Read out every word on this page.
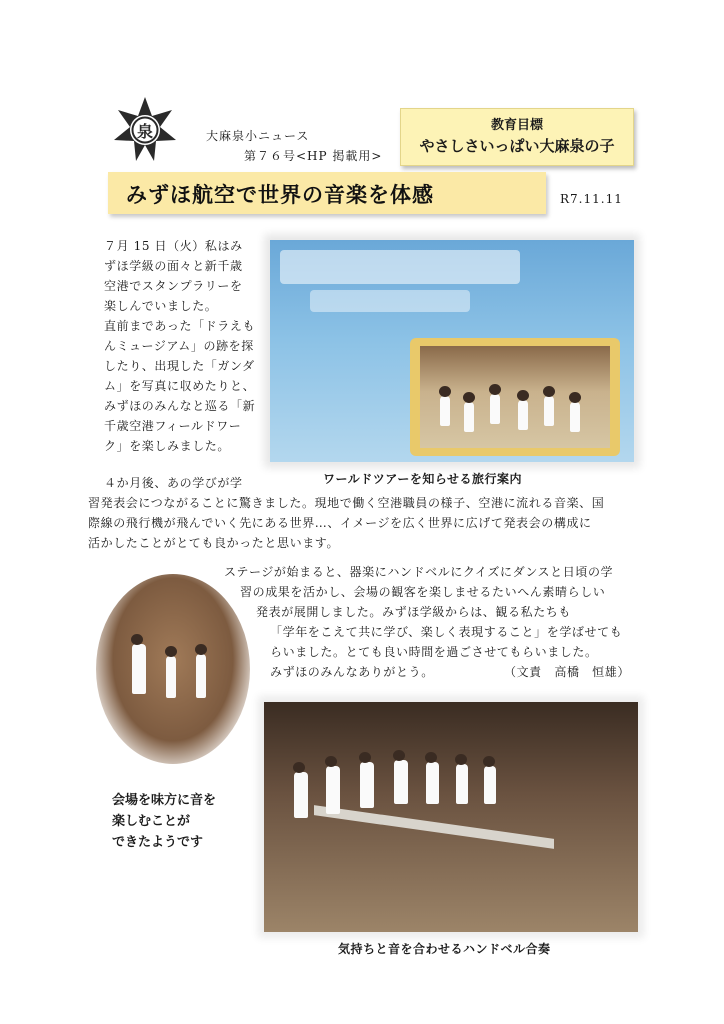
泉	大麻泉小ニュース
第７６号<HP 掲載用>
教育目標
やさしさいっぱい大麻泉の子
みずほ航空で世界の音楽を体感	R7.11.11
７月 15 日（火）私はみ
ずほ学級の面々と新千歳
空港でスタンプラリーを
楽しんでいました。
直前まであった「ドラえも
んミュージアム」の跡を探
したり、出現した「ガンダ
ム」を写真に収めたりと、
みずほのみんなと巡る「新
千歳空港フィールドワー
ク」を楽しみました。
ワールドツアーを知らせる旅行案内
４か月後、あの学びが学
習発表会につながることに驚きました。現地で働く空港職員の様子、空港に流れる音楽、国
際線の飛行機が飛んでいく先にある世界…、イメージを広く世界に広げて発表会の構成に
活かしたことがとても良かったと思います。
ステージが始まると、器楽にハンドベルにクイズにダンスと日頃の学
習の成果を活かし、会場の観客を楽しませるたいへん素晴らしい
発表が展開しました。みずほ学級からは、観る私たちも
「学年をこえて共に学び、楽しく表現すること」を学ばせても
らいました。とても良い時間を過ごさせてもらいました。
みずほのみんなありがとう。	（文責　高橋　恒雄）
会場を味方に音を
楽しむことが
できたようです
気持ちと音を合わせるハンドベル合奏
